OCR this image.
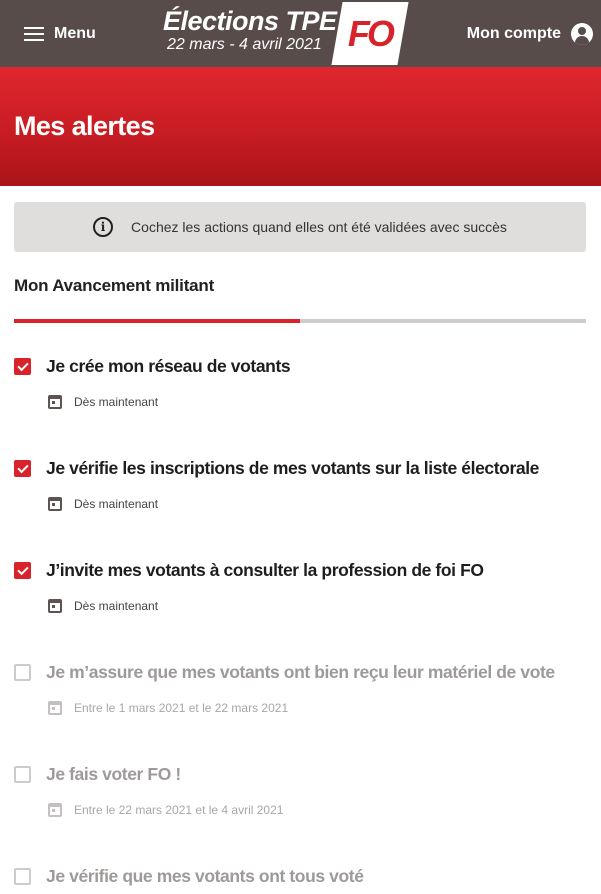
Menu Élections TPE
22 mars - 4 avril 2021 FO	Mon compte
Mes alertes
i	Cochez les actions quand elles ont été validées avec succès
Mon Avancement militant
Je crée mon réseau de votants
Dès maintenant
Je vérifie les inscriptions de mes votants sur la liste électorale
Dès maintenant
J’invite mes votants à consulter la profession de foi FO
Dès maintenant
Je m’assure que mes votants ont bien reçu leur matériel de vote
Entre le 1 mars 2021 et le 22 mars 2021
Je fais voter FO !
Entre le 22 mars 2021 et le 4 avril 2021
Je vérifie que mes votants ont tous voté
